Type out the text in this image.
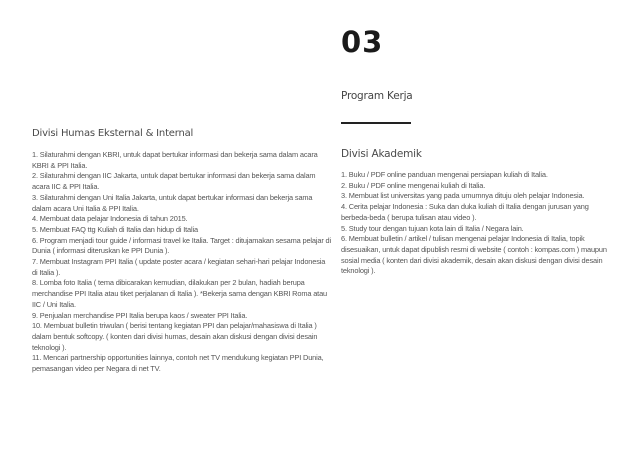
03
Program Kerja
Divisi Humas Eksternal & Internal

1. Silaturahmi dengan KBRI, untuk dapat bertukar informasi dan bekerja sama dalam acara KBRI & PPI Italia.

2. Silaturahmi dengan IIC Jakarta, untuk dapat bertukar informasi dan bekerja sama dalam acara IIC & PPI Italia.

3. Silaturahmi dengan Uni Italia Jakarta, untuk dapat bertukar informasi dan bekerja sama dalam acara Uni Italia & PPI Italia.

4. Membuat data pelajar Indonesia di tahun 2015.

5. Membuat FAQ ttg Kuliah di Italia dan hidup di Italia

6. Program menjadi tour guide / informasi travel ke Italia. Target : ditujamakan sesama pelajar di Dunia ( informasi diteruskan ke PPI Dunia ).

7. Membuat Instagram PPI Italia ( update poster acara / kegiatan sehari-hari pelajar Indonesia di Italia ).

8. Lomba foto Italia ( tema dibicarakan kemudian, dilakukan per 2 bulan, hadiah berupa merchandise PPI Italia atau tiket perjalanan di Italia ). *Bekerja sama dengan KBRI Roma atau IIC / Uni Italia.

9. Penjualan merchandise PPI Italia berupa kaos / sweater PPI Italia.

10. Membuat bulletin triwulan ( berisi tentang kegiatan PPI dan pelajar/mahasiswa di Italia ) dalam bentuk softcopy. ( konten dari divisi humas, desain akan diskusi dengan divisi desain teknologi ).

11. Mencari partnership opportunities lainnya, contoh net TV mendukung kegiatan PPI Dunia, pemasangan video per Negara di net TV.

Divisi Akademik

1. Buku / PDF online panduan mengenai persiapan kuliah di Italia.

2. Buku / PDF online mengenai kuliah di Italia.

3. Membuat list universitas yang pada umumnya dituju oleh pelajar Indonesia.

4. Cerita pelajar Indonesia : Suka dan duka kuliah di Italia dengan jurusan yang berbeda-beda ( berupa tulisan atau video ).

5. Study tour dengan tujuan kota lain di Italia / Negara lain.

6. Membuat bulletin / artikel / tulisan mengenai pelajar Indonesia di Italia, topik disesuaikan, untuk dapat dipublish resmi di website ( contoh : kompas.com ) maupun sosial media ( konten dari divisi akademik, desain akan diskusi dengan divisi desain teknologi ).
